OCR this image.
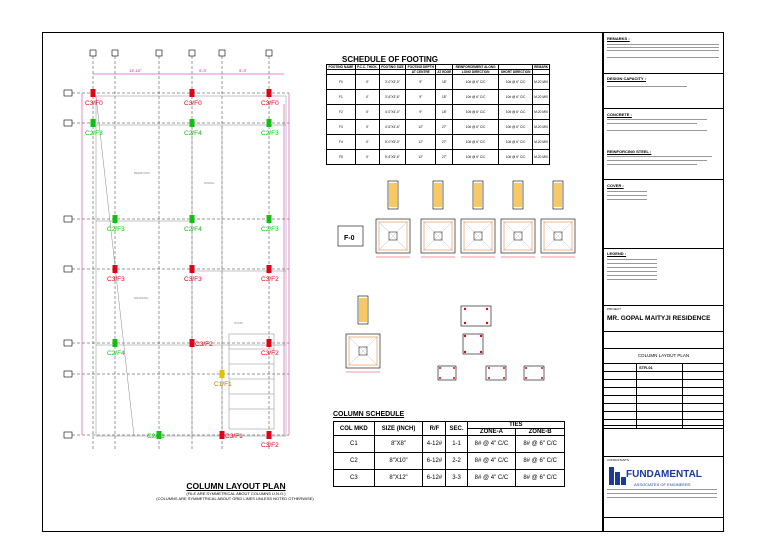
13'-10"	9'-3"	9'-3"
BEDROOM
DINING
DRAWING
STAIR
C3/F0	C3/F0	C3/F0
C2/F3	C2/F4	C2/F3
C2/F3	C2/F4	C2/F3
C3/F3	C3/F3	C3/F2
C2/F4
C3/F2
C3/F2
C1/F1
C2/F1	C3/F1
C3/F2
COLUMN LAYOUT PLAN
(FILE ARE SYMMETRICAL ABOUT COLUMNS U.N.O.)
(COLUMNS ARE SYMMETRICAL ABOUT GRID LINES UNLESS NOTED OTHERWISE)
SCHEDULE OF FOOTING
FOOTING NAME	P.C.C. THICK.	FOOTING SIZE	FOOTING DEPTH		REINFORCEMENT ALONG		REMARK
			AT CENTRE	AT EDGE	LONG DIRECTION	SHORT DIRECTION	
F0	4"	3'-0"X3'-0"	9"	18"	10# @ 6" C/C	10# @ 6" C/C	M-20 MIX
F1	4"	3'-6"X3'-6"	9"	18"	10# @ 6" C/C	10# @ 6" C/C	M-20 MIX
F2	4"	4'-0"X4'-0"	9"	18"	10# @ 6" C/C	10# @ 6" C/C	M-20 MIX
F3	4"	4'-6"X4'-6"	12"	27"	10# @ 6" C/C	10# @ 6" C/C	M-20 MIX
F4	4"	5'-0"X5'-0"	12"	27"	10# @ 6" C/C	10# @ 6" C/C	M-20 MIX
F5	4"	5'-6"X5'-6"	12"	27"	10# @ 6" C/C	10# @ 6" C/C	M-20 MIX
F-0
COLUMN SCHEDULE
COL MKD	SIZE (INCH)	R/F	SEC.	TIES	
				ZONE-A	ZONE-B
C1	8"X8"	4-12#	1-1	8# @ 4" C/C	8# @ 6" C/C
C2	8"X10"	6-12#	2-2	8# @ 4" C/C	8# @ 6" C/C
C3	8"X12"	6-12#	3-3	8# @ 4" C/C	8# @ 6" C/C
REMARKS :
DESIGN CAPACITY :
CONCRETE :
REINFORCING STEEL :
COVER :
LEGEND :
PROJECT
MR. GOPAL MAITYJI RESIDENCE
COLUMN LAYOUT PLAN
STR-01
CONSULTANTS
FUNDAMENTAL
ASSOCIATES OF ENGINEERS
